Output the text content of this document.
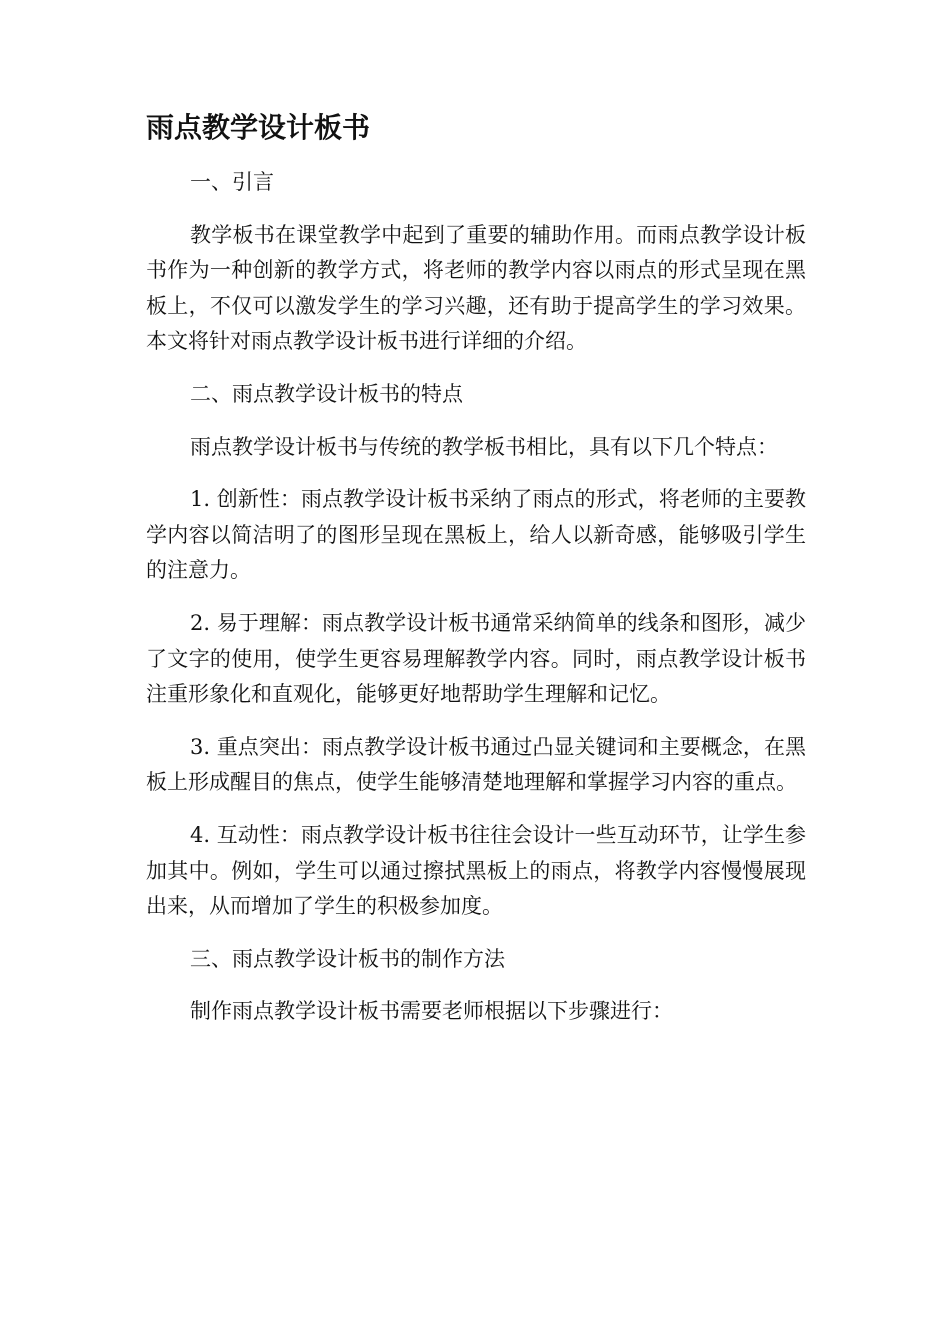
雨点教学设计板书

一、引言

教学板书在课堂教学中起到了重要的辅助作用。而雨点教学设计板书作为一种创新的教学方式，将老师的教学内容以雨点的形式呈现在黑板上，不仅可以激发学生的学习兴趣，还有助于提高学生的学习效果。本文将针对雨点教学设计板书进行详细的介绍。

二、雨点教学设计板书的特点

雨点教学设计板书与传统的教学板书相比，具有以下几个特点：

1. 创新性：雨点教学设计板书采纳了雨点的形式，将老师的主要教学内容以简洁明了的图形呈现在黑板上，给人以新奇感，能够吸引学生的注意力。

2. 易于理解：雨点教学设计板书通常采纳简单的线条和图形，减少了文字的使用，使学生更容易理解教学内容。同时，雨点教学设计板书注重形象化和直观化，能够更好地帮助学生理解和记忆。

3. 重点突出：雨点教学设计板书通过凸显关键词和主要概念，在黑板上形成醒目的焦点，使学生能够清楚地理解和掌握学习内容的重点。

4. 互动性：雨点教学设计板书往往会设计一些互动环节，让学生参加其中。例如，学生可以通过擦拭黑板上的雨点，将教学内容慢慢展现出来，从而增加了学生的积极参加度。

三、雨点教学设计板书的制作方法

制作雨点教学设计板书需要老师根据以下步骤进行：
